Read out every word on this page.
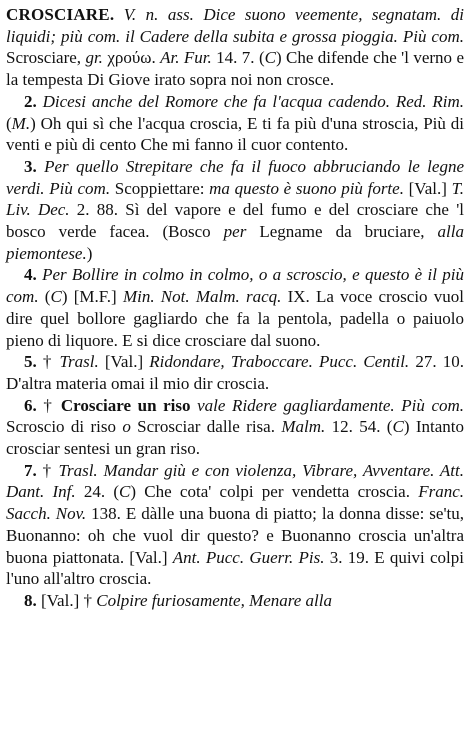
CROSCIARE. V. n. ass. Dice suono veemente, segnatam. di liquidi; più com. il Cadere della subita e grossa pioggia. Più com. Scrosciare, gr. χρούω. Ar. Fur. 14. 7. (C) Che difende che 'l verno e la tempesta Di Giove irato sopra noi non crosce.

2. Dicesi anche del Romore che fa l'acqua cadendo. Red. Rim. (M.) Oh qui sì che l'acqua croscia, E ti fa più d'una stroscia, Più di venti e più di cento Che mi fanno il cuor contento.

3. Per quello Strepitare che fa il fuoco abbruciando le legne verdi. Più com. Scoppiettare: ma questo è suono più forte. [Val.] T. Liv. Dec. 2. 88. Sì del vapore e del fumo e del crosciare che 'l bosco verde facea. (Bosco per Legname da bruciare, alla piemontese.)

4. Per Bollire in colmo in colmo, o a scroscio, e questo è il più com. (C) [M.F.] Min. Not. Malm. racq. IX. La voce croscio vuol dire quel bollore gagliardo che fa la pentola, padella o paiuolo pieno di liquore. E si dice crosciare dal suono.

5. † Trasl. [Val.] Ridondare, Traboccare. Pucc. Centil. 27. 10. D'altra materia omai il mio dir croscia.

6. † Crosciare un riso vale Ridere gagliardamente. Più com. Scroscio di riso o Scrosciar dalle risa. Malm. 12. 54. (C) Intanto crosciar sentesi un gran riso.

7. † Trasl. Mandar giù e con violenza, Vibrare, Avventare. Att. Dant. Inf. 24. (C) Che cota' colpi per vendetta croscia. Franc. Sacch. Nov. 138. E dàlle una buona di piatto; la donna disse: se'tu, Buonanno: oh che vuol dir questo? e Buonanno croscia un'altra buona piattonata. [Val.] Ant. Pucc. Guerr. Pis. 3. 19. E quivi colpi l'uno all'altro croscia.

8. [Val.] † Colpire furiosamente, Menare alla
